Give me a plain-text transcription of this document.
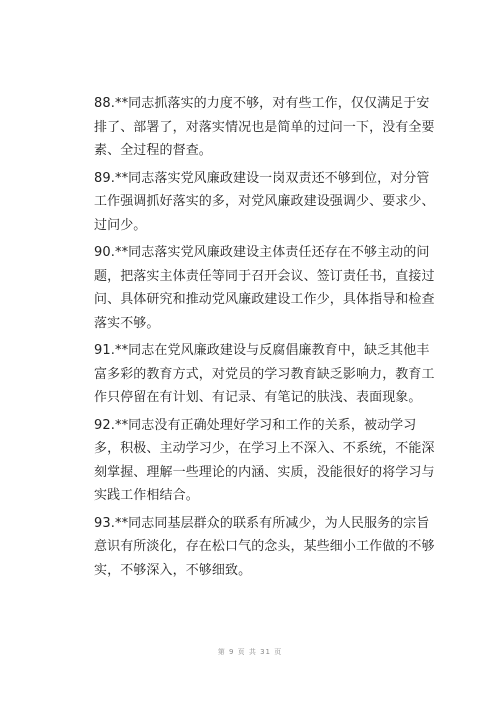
88.**同志抓落实的力度不够，对有些工作，仅仅满足于安排了、部署了，对落实情况也是简单的过问一下，没有全要素、全过程的督查。

89.**同志落实党风廉政建设一岗双责还不够到位，对分管工作强调抓好落实的多，对党风廉政建设强调少、要求少、过问少。

90.**同志落实党风廉政建设主体责任还存在不够主动的问题，把落实主体责任等同于召开会议、签订责任书，直接过问、具体研究和推动党风廉政建设工作少，具体指导和检查落实不够。

91.**同志在党风廉政建设与反腐倡廉教育中，缺乏其他丰富多彩的教育方式，对党员的学习教育缺乏影响力，教育工作只停留在有计划、有记录、有笔记的肤浅、表面现象。

92.**同志没有正确处理好学习和工作的关系，被动学习多，积极、主动学习少，在学习上不深入、不系统，不能深刻掌握、理解一些理论的内涵、实质，没能很好的将学习与实践工作相结合。

93.**同志同基层群众的联系有所减少，为人民服务的宗旨意识有所淡化，存在松口气的念头，某些细小工作做的不够实，不够深入，不够细致。

第 9 页 共 31 页
